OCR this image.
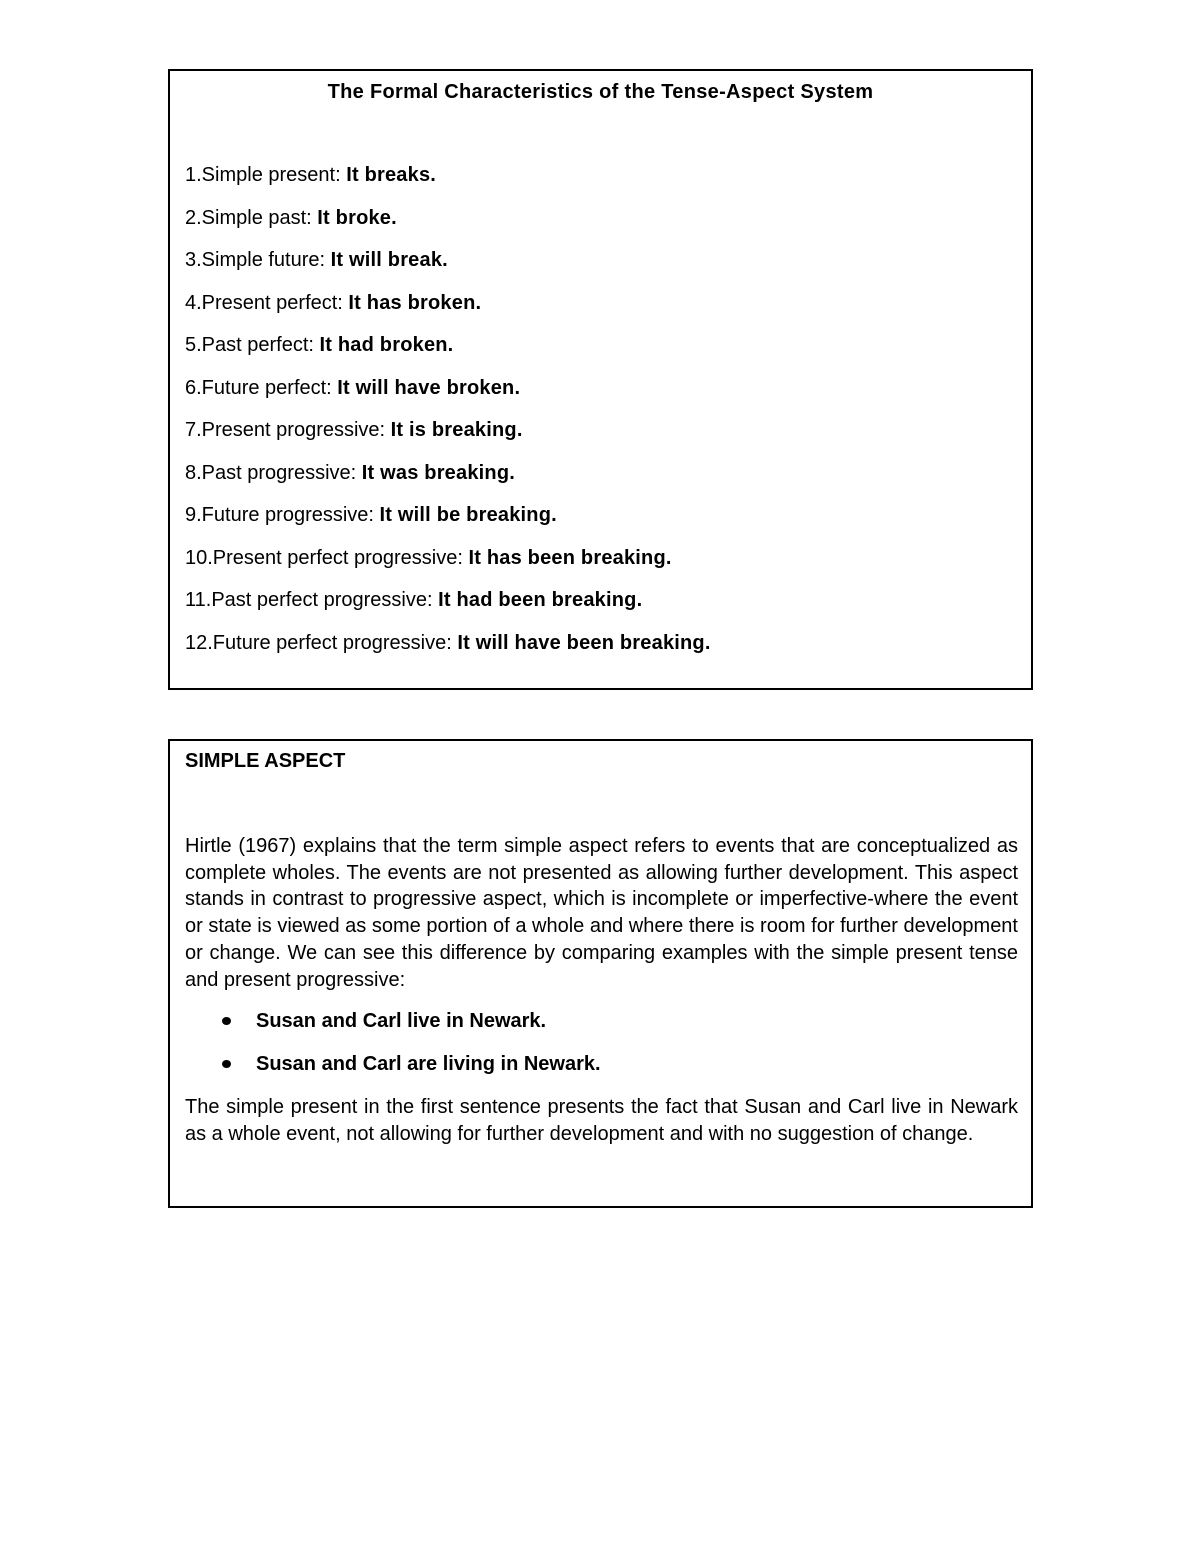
The Formal Characteristics of the Tense-Aspect System
1.Simple present: It breaks.
2.Simple past: It broke.
3.Simple future: It will break.
4.Present perfect: It has broken.
5.Past perfect: It had broken.
6.Future perfect: It will have broken.
7.Present progressive: It is breaking.
8.Past progressive: It was breaking.
9.Future progressive: It will be breaking.
10.Present perfect progressive: It has been breaking.
11.Past perfect progressive: It had been breaking.
12.Future perfect progressive: It will have been breaking.
SIMPLE ASPECT
Hirtle (1967) explains that the term simple aspect refers to events that are conceptualized as complete wholes. The events are not presented as allowing further development. This aspect stands in contrast to progressive aspect, which is incomplete or imperfective-where the event or state is viewed as some portion of a whole and where there is room for further development or change. We can see this difference by comparing examples with the simple present tense and present progressive:
Susan and Carl live in Newark.
Susan and Carl are living in Newark.
The simple present in the first sentence presents the fact that Susan and Carl live in Newark as a whole event, not allowing for further development and with no suggestion of change.
